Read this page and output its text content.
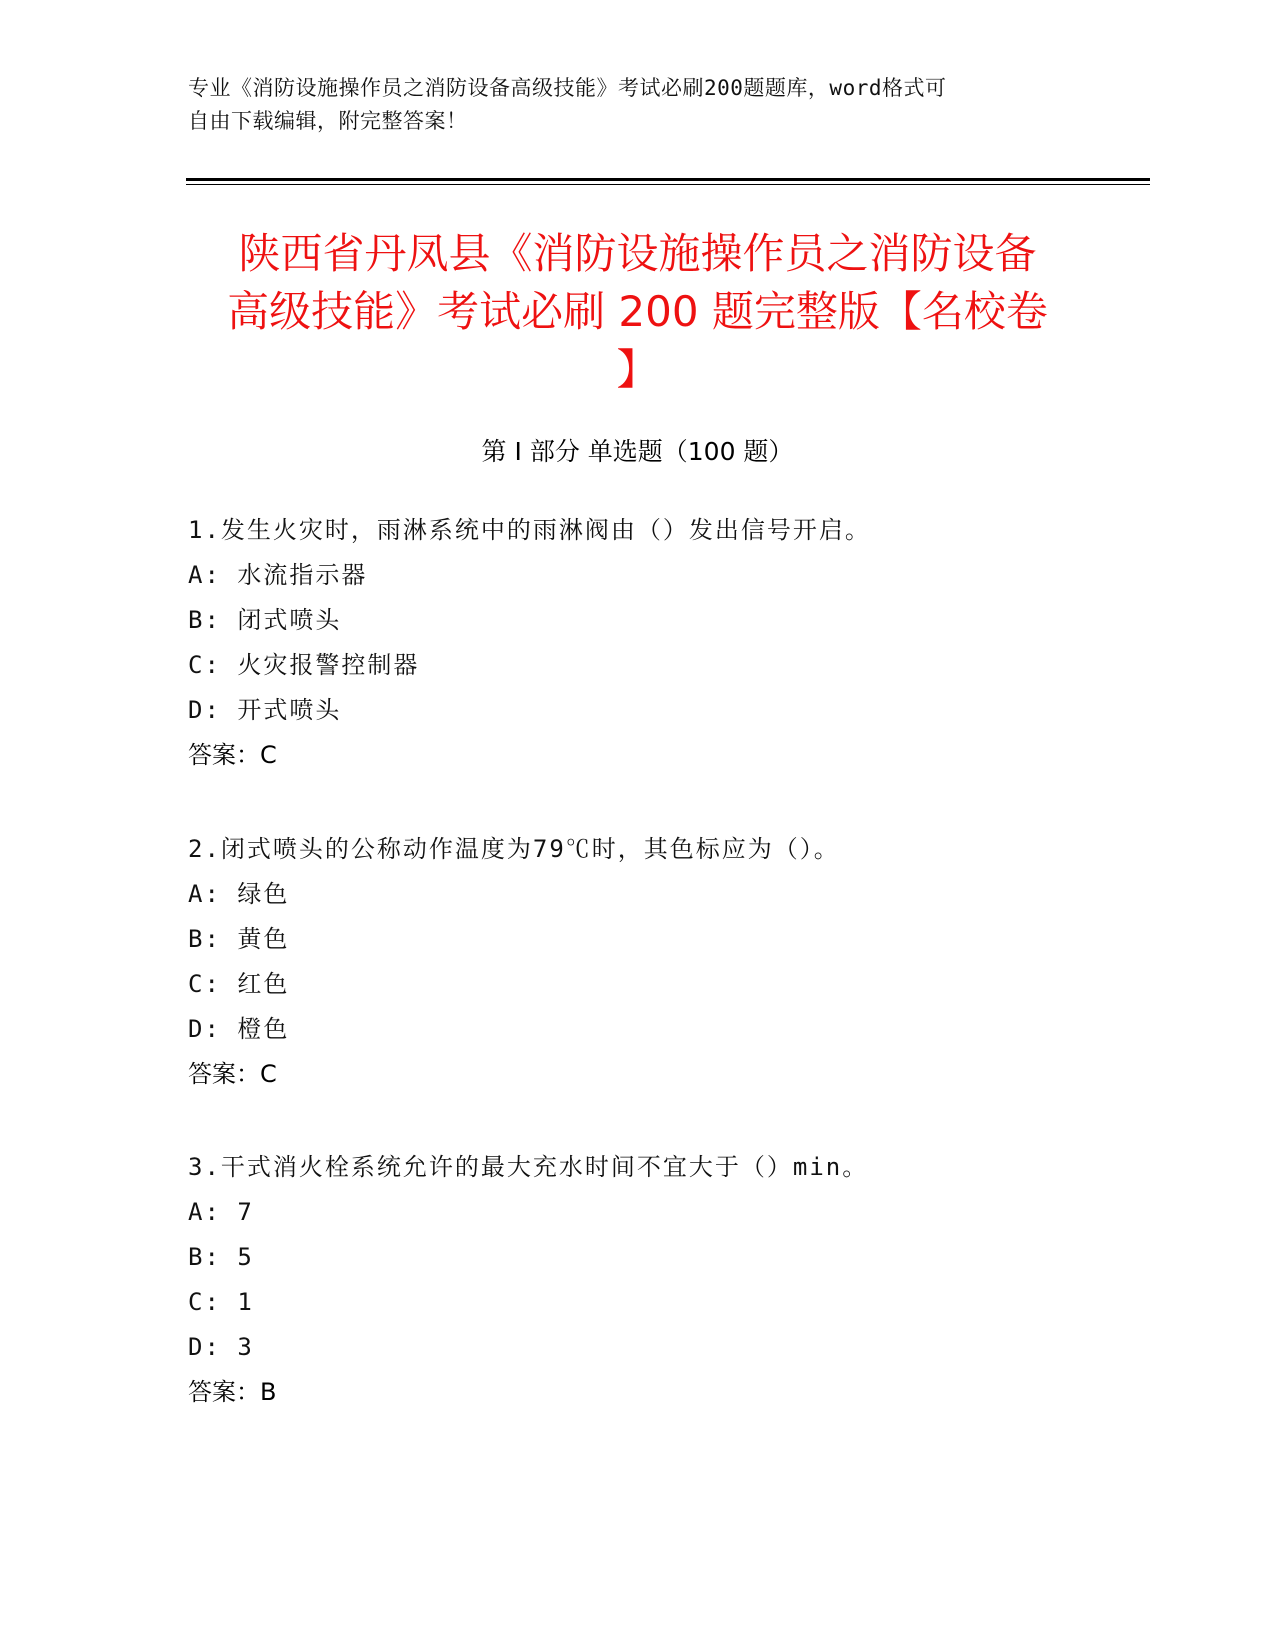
专业《消防设施操作员之消防设备高级技能》考试必刷200题题库，word格式可
自由下载编辑，附完整答案！
陕西省丹凤县《消防设施操作员之消防设备
高级技能》考试必刷 200 题完整版【名校卷
】
第 I 部分 单选题（100 题）
1.发生火灾时，雨淋系统中的雨淋阀由（）发出信号开启。
A: 水流指示器
B: 闭式喷头
C: 火灾报警控制器
D: 开式喷头
答案：C
2.闭式喷头的公称动作温度为79℃时，其色标应为（）。
A: 绿色
B: 黄色
C: 红色
D: 橙色
答案：C
3.干式消火栓系统允许的最大充水时间不宜大于（）min。
A: 7
B: 5
C: 1
D: 3
答案：B
